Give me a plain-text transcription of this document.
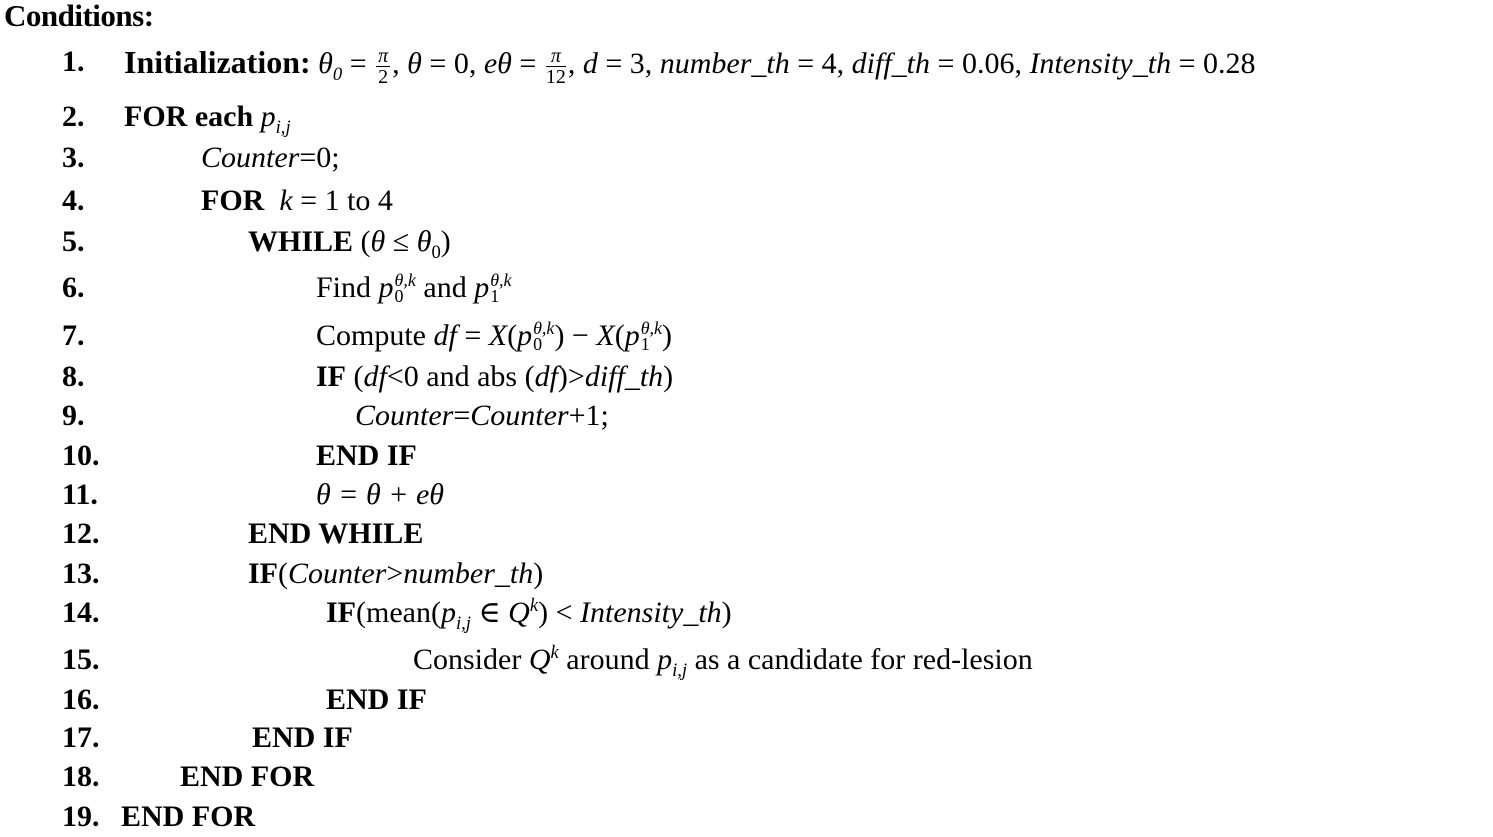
Conditions:
1. Initialization: $\theta_0 = \frac{\pi}{2}$ , θ = 0, $e\theta = \frac{\pi}{12}$ , d = 3, number_th = 4, diff_th = 0.06, Intensity_th = 0.28
2. FOR each $p_{i,j}$
3.	Counter=0;
4.	FOR k = 1 to 4
5.	WHILE $(\theta \le \theta_0)$
6.	Find p θ,k
0 and p θ,k
1
7.	Compute df = X(p θ,k
0 ) − X(p θ,k
1 )
8.	IF (df<0 and abs (df)>diff_th)
9.	Counter=Counter+1;
10.	END IF
11.	θ = θ + eθ
12.	END WHILE
13.	IF(Counter>number_th)
14.	$IF(mean(p_{i,j}$ ∈ $Q^k$) < Intensity_th)
15.	Consider $Q^k$ around $p_{i,j}$ as a candidate for red-lesion
16.	END IF
17.	END IF
18.	END FOR
19. END FOR
